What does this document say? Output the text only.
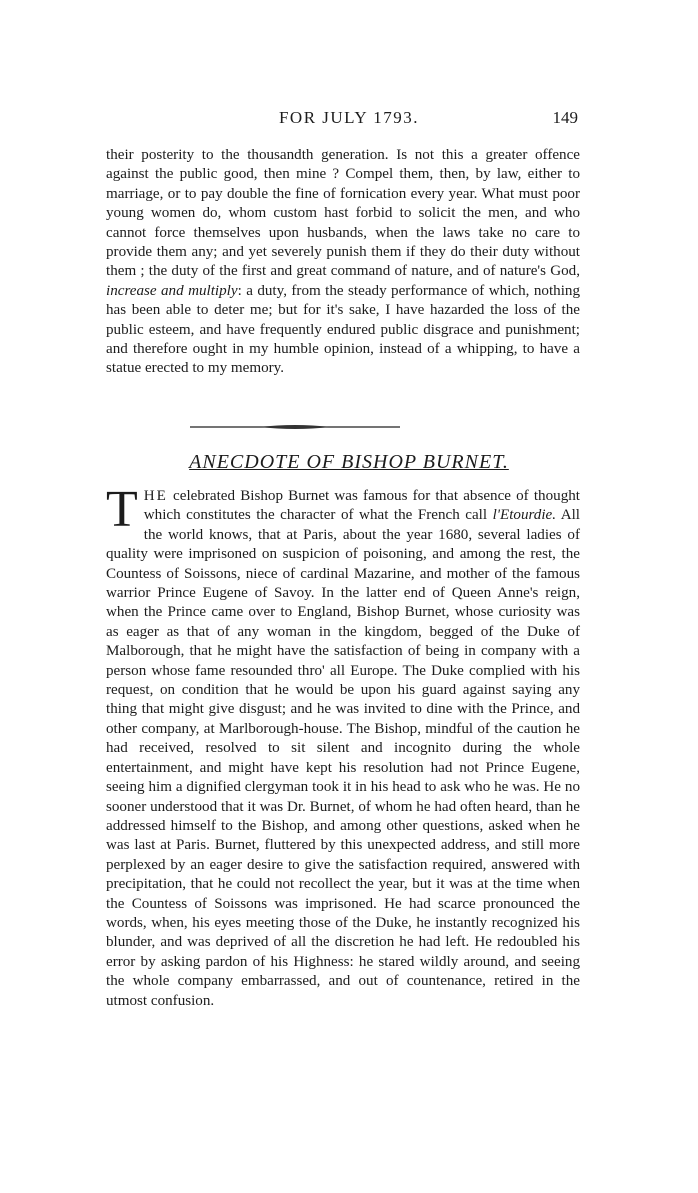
FOR JULY 1793.	149

their posterity to the thousandth generation. Is not this a greater offence against the public good, then mine ? Compel them, then, by law, either to marriage, or to pay double the fine of fornication every year. What must poor young women do, whom custom hast forbid to solicit the men, and who cannot force themselves upon husbands, when the laws take no care to provide them any; and yet severely punish them if they do their duty without them ; the duty of the first and great command of nature, and of nature's God, increase and multiply: a duty, from the steady performance of which, nothing has been able to deter me; but for it's sake, I have hazarded the loss of the public esteem, and have frequently endured public disgrace and punishment; and therefore ought in my humble opinion, instead of a whipping, to have a statue erected to my memory.

ANECDOTE OF BISHOP BURNET.

THE celebrated Bishop Burnet was famous for that absence of thought which constitutes the character of what the French call l'Etourdie. All the world knows, that at Paris, about the year 1680, several ladies of quality were imprisoned on suspicion of poisoning, and among the rest, the Countess of Soissons, niece of cardinal Mazarine, and mother of the famous warrior Prince Eugene of Savoy. In the latter end of Queen Anne's reign, when the Prince came over to England, Bishop Burnet, whose curiosity was as eager as that of any woman in the kingdom, begged of the Duke of Malborough, that he might have the satisfaction of being in company with a person whose fame resounded thro' all Europe. The Duke complied with his request, on condition that he would be upon his guard against saying any thing that might give disgust; and he was invited to dine with the Prince, and other company, at Marlborough-house. The Bishop, mindful of the caution he had received, resolved to sit silent and incognito during the whole entertainment, and might have kept his resolution had not Prince Eugene, seeing him a dignified clergyman took it in his head to ask who he was. He no sooner understood that it was Dr. Burnet, of whom he had often heard, than he addressed himself to the Bishop, and among other questions, asked when he was last at Paris. Burnet, fluttered by this unexpected address, and still more perplexed by an eager desire to give the satisfaction required, answered with precipitation, that he could not recollect the year, but it was at the time when the Countess of Soissons was imprisoned. He had scarce pronounced the words, when, his eyes meeting those of the Duke, he instantly recognized his blunder, and was deprived of all the discretion he had left. He redoubled his error by asking pardon of his Highness: he stared wildly around, and seeing the whole company embarrassed, and out of countenance, retired in the utmost confusion.
